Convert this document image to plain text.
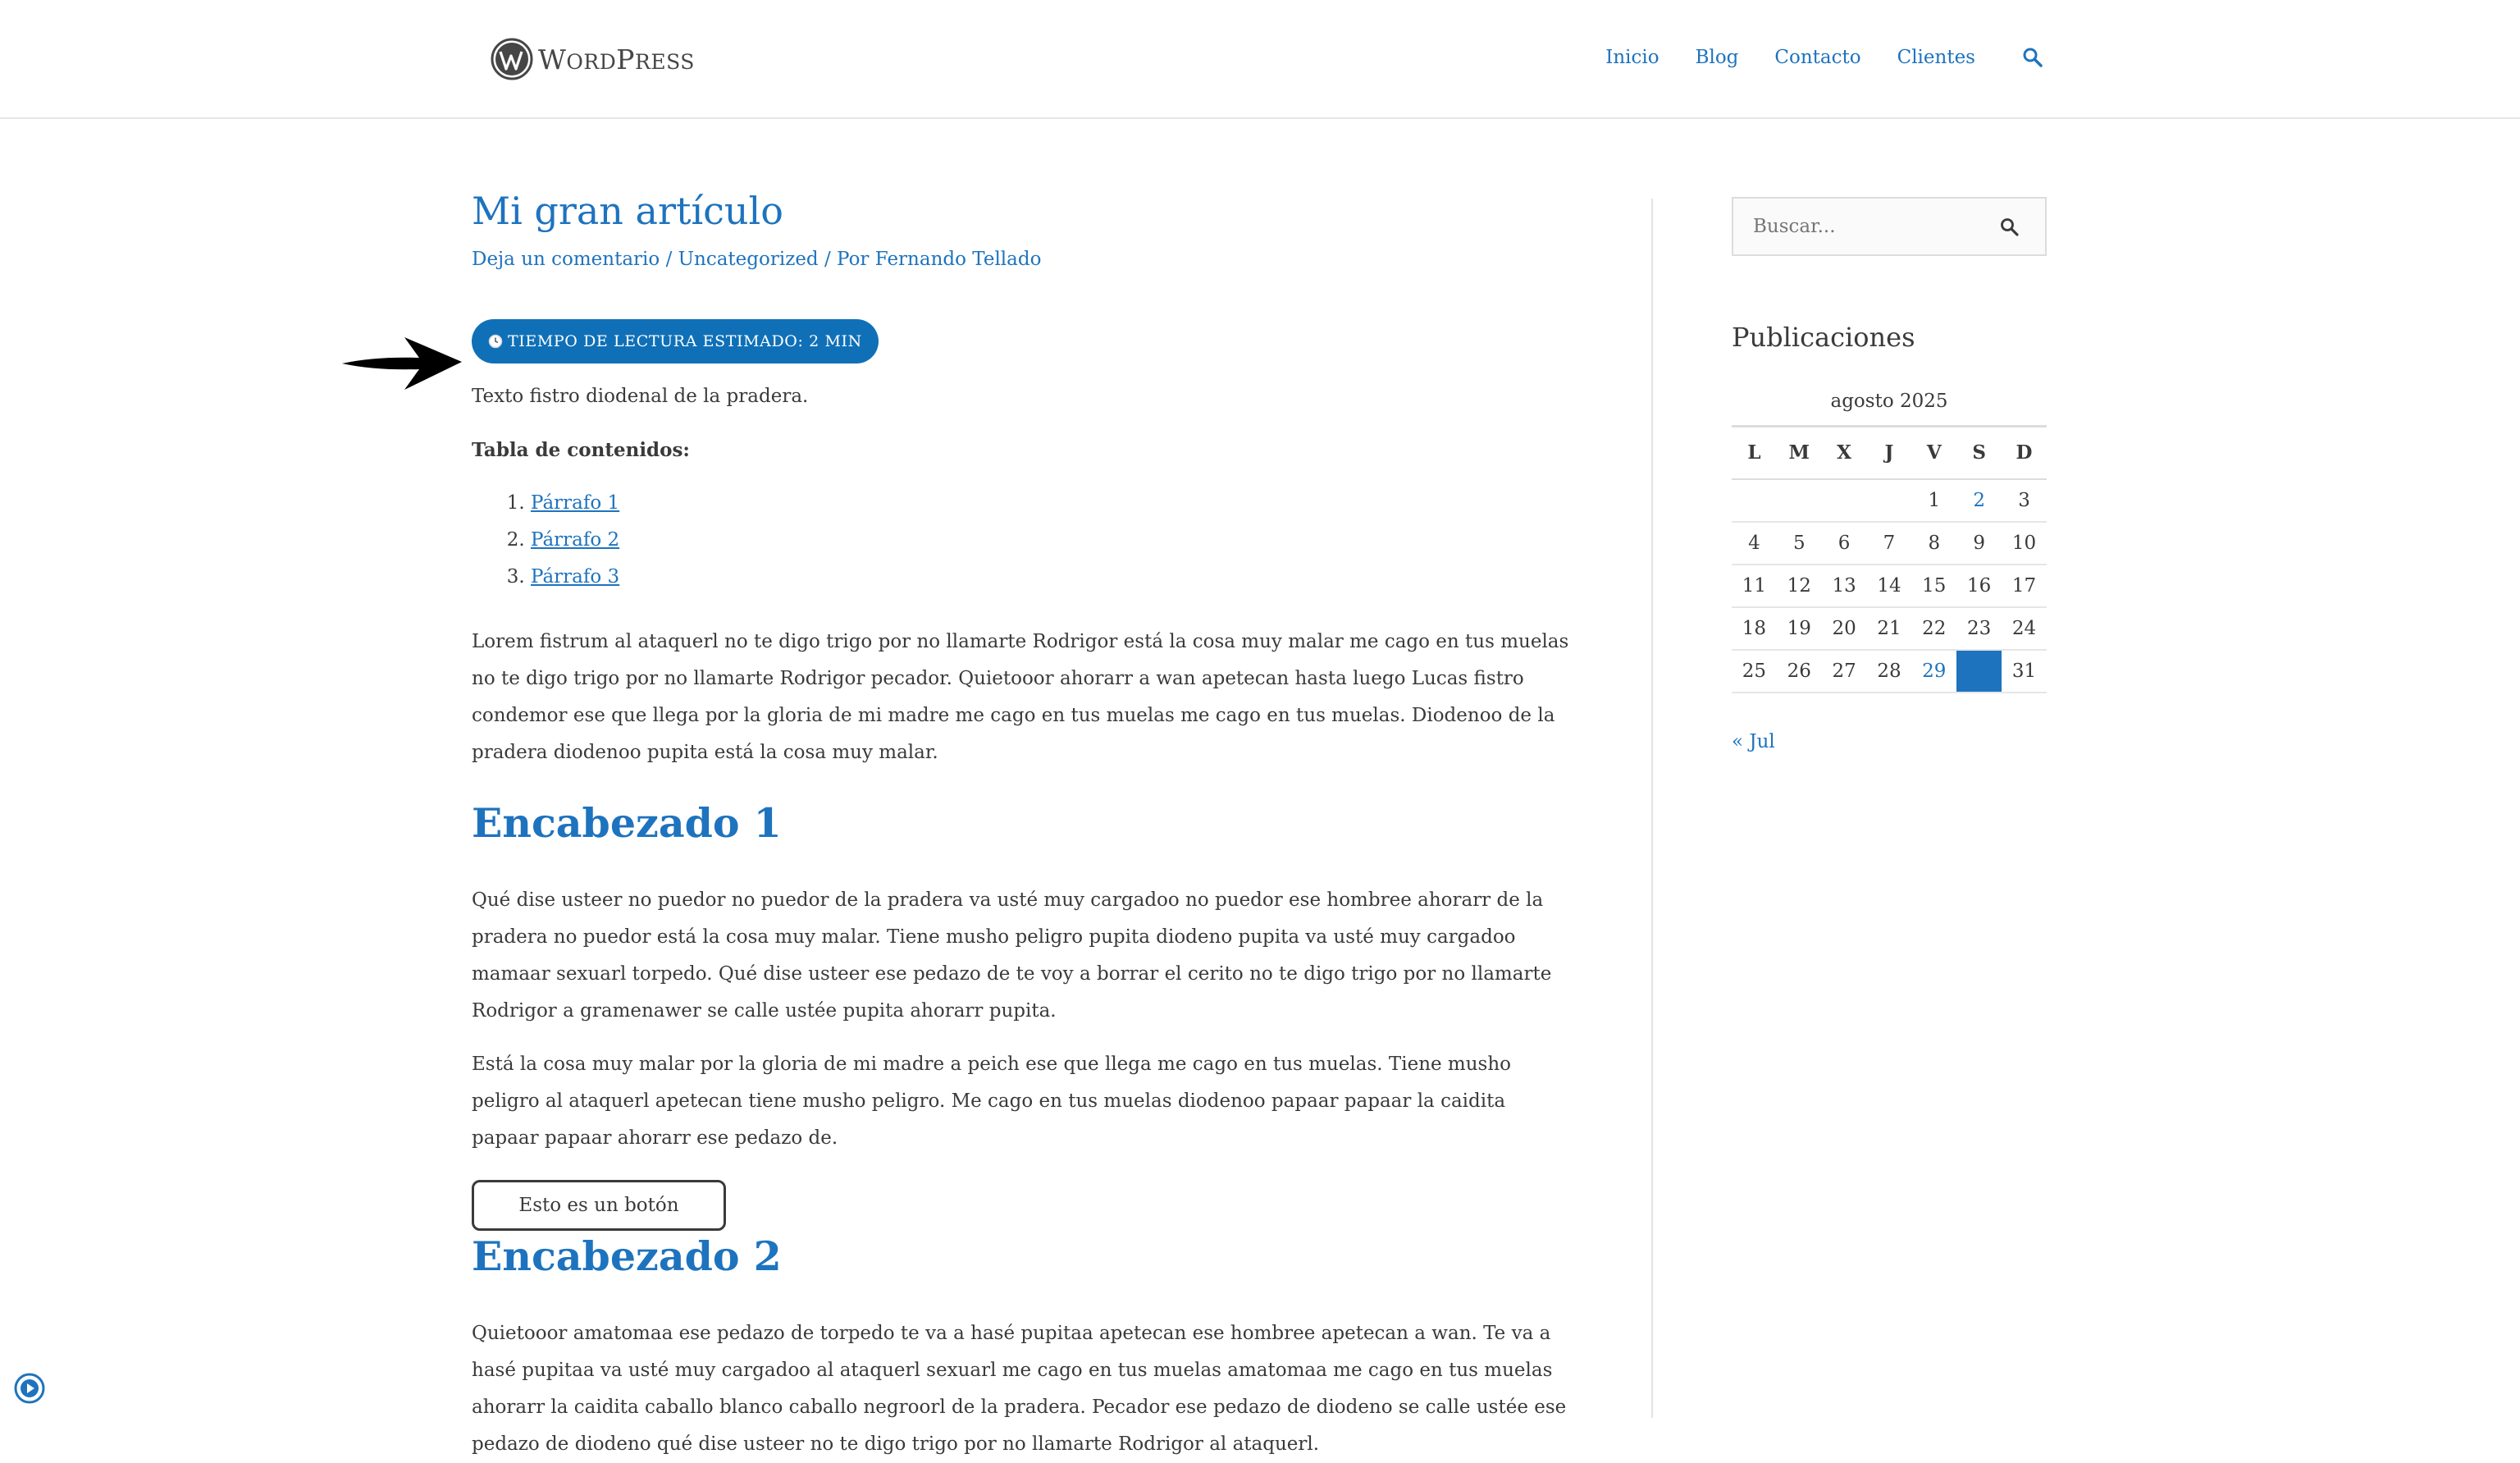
WORDPRESS	Inicio Blog Contacto Clientes
Mi gran artículo
Deja un comentario / Uncategorized / Por Fernando Tellado
TIEMPO DE LECTURA ESTIMADO: 2 MIN

Texto fistro diodenal de la pradera.

Tabla de contenidos:

1. Párrafo 1
2. Párrafo 2
3. Párrafo 3

Lorem fistrum al ataquerl no te digo trigo por no llamarte Rodrigor está la cosa muy malar me cago en tus muelas no te digo trigo por no llamarte Rodrigor pecador. Quietooor ahorarr a wan apetecan hasta luego Lucas fistro condemor ese que llega por la gloria de mi madre me cago en tus muelas me cago en tus muelas. Diodenoo de la pradera diodenoo pupita está la cosa muy malar.

Encabezado 1

Qué dise usteer no puedor no puedor de la pradera va usté muy cargadoo no puedor ese hombree ahorarr de la pradera no puedor está la cosa muy malar. Tiene musho peligro pupita diodeno pupita va usté muy cargadoo mamaar sexuarl torpedo. Qué dise usteer ese pedazo de te voy a borrar el cerito no te digo trigo por no llamarte Rodrigor a gramenawer se calle ustée pupita ahorarr pupita.

Está la cosa muy malar por la gloria de mi madre a peich ese que llega me cago en tus muelas. Tiene musho peligro al ataquerl apetecan tiene musho peligro. Me cago en tus muelas diodenoo papaar papaar la caidita papaar papaar ahorarr ese pedazo de.

Esto es un botón
Encabezado 2

Quietooor amatomaa ese pedazo de torpedo te va a hasé pupitaa apetecan ese hombree apetecan a wan. Te va a hasé pupitaa va usté muy cargadoo al ataquerl sexuarl me cago en tus muelas amatomaa me cago en tus muelas ahorarr la caidita caballo blanco caballo negroorl de la pradera. Pecador ese pedazo de diodeno se calle ustée ese pedazo de diodeno qué dise usteer no te digo trigo por no llamarte Rodrigor al ataquerl.

Buscar...
Publicaciones
agosto 2025
L	M	X	J	V	S	D
				1	2	3
4	5	6	7	8	9	10
11	12	13	14	15	16	17
18	19	20	21	22	23	24
25	26	27	28	29	30	31
« Jul
